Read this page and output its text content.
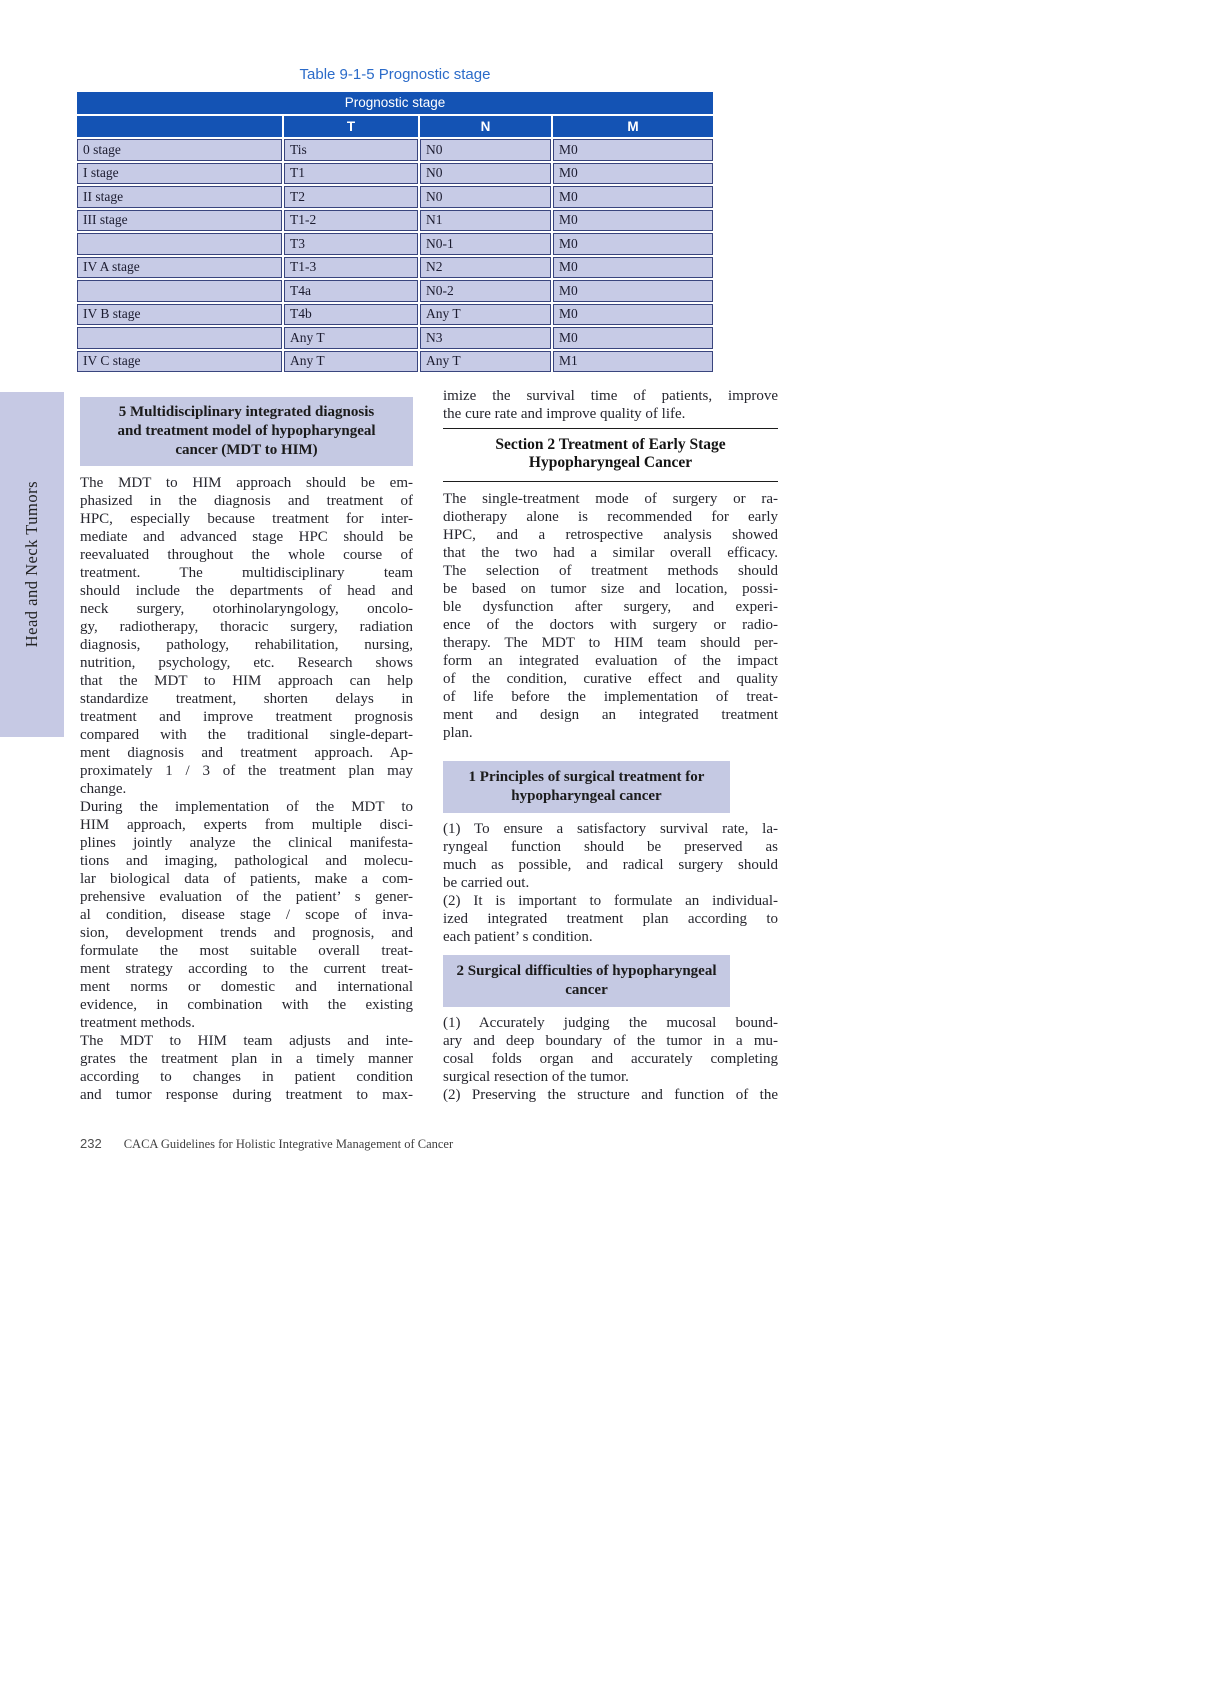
Table 9-1-5 Prognostic stage
Prognostic stage			
	T	N	M
0 stage	Tis	N0	M0
I stage	T1	N0	M0
II stage	T2	N0	M0
III stage	T1-2	N1	M0
	T3	N0-1	M0
IV A stage	T1-3	N2	M0
	T4a	N0-2	M0
IV B stage	T4b	Any T	M0
	Any T	N3	M0
IV C stage	Any T	Any T	M1
Head and Neck Tumors
5 Multidisciplinary integrated diagnosis
and treatment model of hypopharyngeal
cancer (MDT to HIM)
The MDT to HIM approach should be em-
phasized in the diagnosis and treatment of
HPC, especially because treatment for inter-
mediate and advanced stage HPC should be
reevaluated throughout the whole course of
treatment. The multidisciplinary team
should include the departments of head and
neck surgery, otorhinolaryngology, oncolo-
gy, radiotherapy, thoracic surgery, radiation
diagnosis, pathology, rehabilitation, nursing,
nutrition, psychology, etc. Research shows
that the MDT to HIM approach can help
standardize treatment, shorten delays in
treatment and improve treatment prognosis
compared with the traditional single-depart-
ment diagnosis and treatment approach. Ap-
proximately 1 / 3 of the treatment plan may
change.
During the implementation of the MDT to
HIM approach, experts from multiple disci-
plines jointly analyze the clinical manifesta-
tions and imaging, pathological and molecu-
lar biological data of patients, make a com-
prehensive evaluation of the patient’ s gener-
al condition, disease stage / scope of inva-
sion, development trends and prognosis, and
formulate the most suitable overall treat-
ment strategy according to the current treat-
ment norms or domestic and international
evidence, in combination with the existing
treatment methods.
The MDT to HIM team adjusts and inte-
grates the treatment plan in a timely manner
according to changes in patient condition
and tumor response during treatment to max-
imize the survival time of patients, improve
the cure rate and improve quality of life.
Section 2 Treatment of Early Stage
Hypopharyngeal Cancer
The single-treatment mode of surgery or ra-
diotherapy alone is recommended for early
HPC, and a retrospective analysis showed
that the two had a similar overall efficacy.
The selection of treatment methods should
be based on tumor size and location, possi-
ble dysfunction after surgery, and experi-
ence of the doctors with surgery or radio-
therapy. The MDT to HIM team should per-
form an integrated evaluation of the impact
of the condition, curative effect and quality
of life before the implementation of treat-
ment and design an integrated treatment
plan.
1 Principles of surgical treatment for
hypopharyngeal cancer
(1) To ensure a satisfactory survival rate, la-
ryngeal function should be preserved as
much as possible, and radical surgery should
be carried out.
(2) It is important to formulate an individual-
ized integrated treatment plan according to
each patient’ s condition.
2 Surgical difficulties of hypopharyngeal
cancer
(1) Accurately judging the mucosal bound-
ary and deep boundary of the tumor in a mu-
cosal folds organ and accurately completing
surgical resection of the tumor.
(2) Preserving the structure and function of the
232 CACA Guidelines for Holistic Integrative Management of Cancer
